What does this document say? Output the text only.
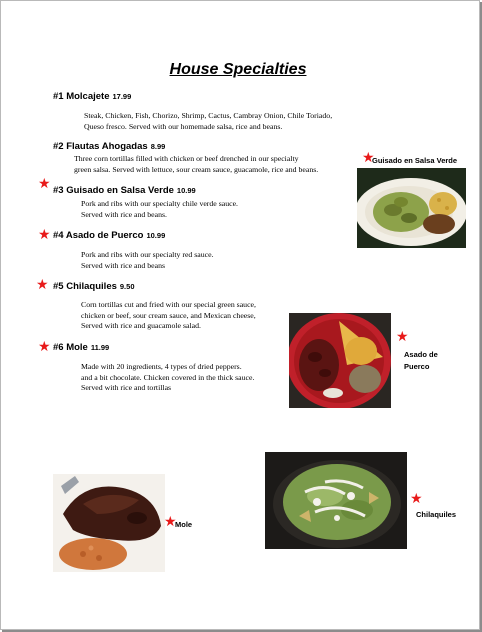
House Specialties
#1 Molcajete 17.99
Steak, Chicken, Fish, Chorizo, Shrimp, Cactus, Cambray Onion, Chile Toriado,
Queso fresco. Served with our homemade salsa, rice and beans.
#2 Flautas Ahogadas 8.99
Three corn tortillas filled with chicken or beef drenched in our specialty
green salsa. Served with lettuce, sour cream sauce, guacamole, rice and beans.
★ #3 Guisado en Salsa Verde 10.99
Pork and ribs with our specialty chile verde sauce.
Served with rice and beans.
★ #4 Asado de Puerco 10.99
Pork and ribs with our specialty red sauce.
Served with rice and beans
★ #5 Chilaquiles 9.50
Corn tortillas cut and fried with our special green sauce,
chicken or beef, sour cream sauce, and Mexican cheese,
Served with rice and guacamole salad.
★ #6 Mole 11.99
Made with 20 ingredients, 4 types of dried peppers.
and a bit chocolate. Chicken covered in the thick sauce.
Served with rice and tortillas
★
Guisado en Salsa Verde
★
Asado de
Puerco
★
Mole
★
Chilaquiles
